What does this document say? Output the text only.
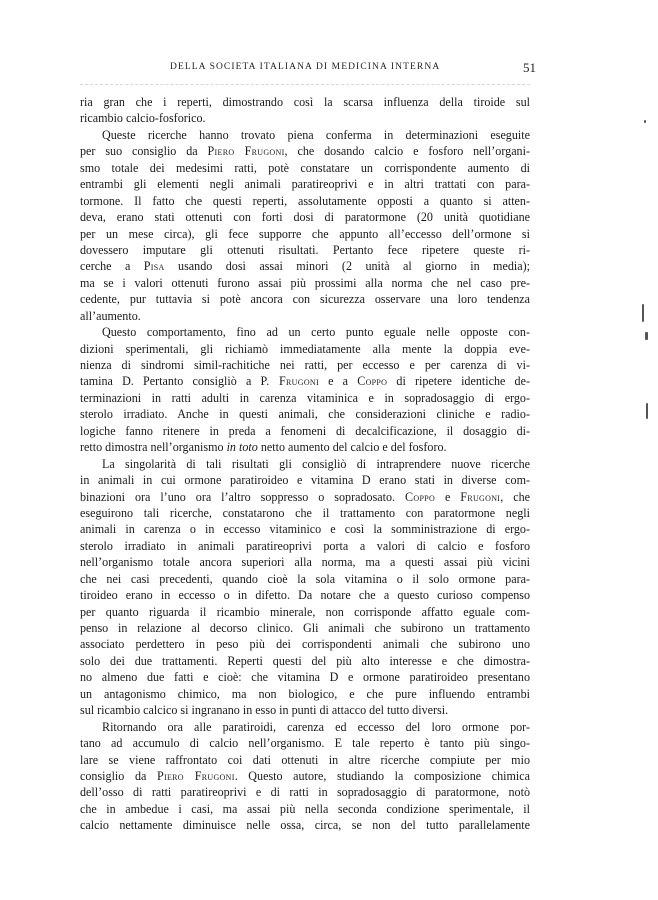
DELLA SOCIETA ITALIANA DI MEDICINA INTERNA	51
ria gran che i reperti, dimostrando così la scarsa influenza della tiroide sul
ricambio calcio-fosforico.
Queste ricerche hanno trovato piena conferma in determinazioni eseguite
per suo consiglio da Piero Frugoni, che dosando calcio e fosforo nell’organi-
smo totale dei medesimi ratti, potè constatare un corrispondente aumento di
entrambi gli elementi negli animali paratireoprivi e in altri trattati con para-
tormone. Il fatto che questi reperti, assolutamente opposti a quanto si atten-
deva, erano stati ottenuti con forti dosi di paratormone (20 unità quotidiane
per un mese circa), gli fece supporre che appunto all’eccesso dell’ormone si
dovessero imputare gli ottenuti risultati. Pertanto fece ripetere queste ri-
cerche a Pisa usando dosi assai minori (2 unità al giorno in media);
ma se i valori ottenuti furono assai più prossimi alla norma che nel caso pre-
cedente, pur tuttavia si potè ancora con sicurezza osservare una loro tendenza
all’aumento.
Questo comportamento, fino ad un certo punto eguale nelle opposte con-
dizioni sperimentali, gli richiamò immediatamente alla mente la doppia eve-
nienza di sindromi simil-rachitiche nei ratti, per eccesso e per carenza di vi-
tamina D. Pertanto consigliò a P. Frugoni e a Coppo di ripetere identiche de-
terminazioni in ratti adulti in carenza vitaminica e in sopradosaggio di ergo-
sterolo irradiato. Anche in questi animali, che considerazioni cliniche e radio-
logiche fanno ritenere in preda a fenomeni di decalcificazione, il dosaggio di-
retto dimostra nell’organismo in toto netto aumento del calcio e del fosforo.
La singolarità di tali risultati gli consigliò di intraprendere nuove ricerche
in animali in cui ormone paratiroideo e vitamina D erano stati in diverse com-
binazioni ora l’uno ora l’altro soppresso o sopradosato. Coppo e Frugoni, che
eseguirono tali ricerche, constatarono che il trattamento con paratormone negli
animali in carenza o in eccesso vitaminico e così la somministrazione di ergo-
sterolo irradiato in animali paratireoprivi porta a valori di calcio e fosforo
nell’organismo totale ancora superiori alla norma, ma a questi assai più vicini
che nei casi precedenti, quando cioè la sola vitamina o il solo ormone para-
tiroideo erano in eccesso o in difetto. Da notare che a questo curioso compenso
per quanto riguarda il ricambio minerale, non corrisponde affatto eguale com-
penso in relazione al decorso clinico. Gli animali che subirono un trattamento
associato perdettero in peso più dei corrispondenti animali che subirono uno
solo dei due trattamenti. Reperti questi del più alto interesse e che dimostra-
no almeno due fatti e cioè: che vitamina D e ormone paratiroideo presentano
un antagonismo chimico, ma non biologico, e che pure influendo entrambi
sul ricambio calcico si ingranano in esso in punti di attacco del tutto diversi.
Ritornando ora alle paratiroidi, carenza ed eccesso del loro ormone por-
tano ad accumulo di calcio nell’organismo. E tale reperto è tanto più singo-
lare se viene raffrontato coi dati ottenuti in altre ricerche compiute per mio
consiglio da Piero Frugoni. Questo autore, studiando la composizione chimica
dell’osso di ratti paratireoprivi e di ratti in sopradosaggio di paratormone, notò
che in ambedue i casi, ma assai più nella seconda condizione sperimentale, il
calcio nettamente diminuisce nelle ossa, circa, se non del tutto parallelamente
